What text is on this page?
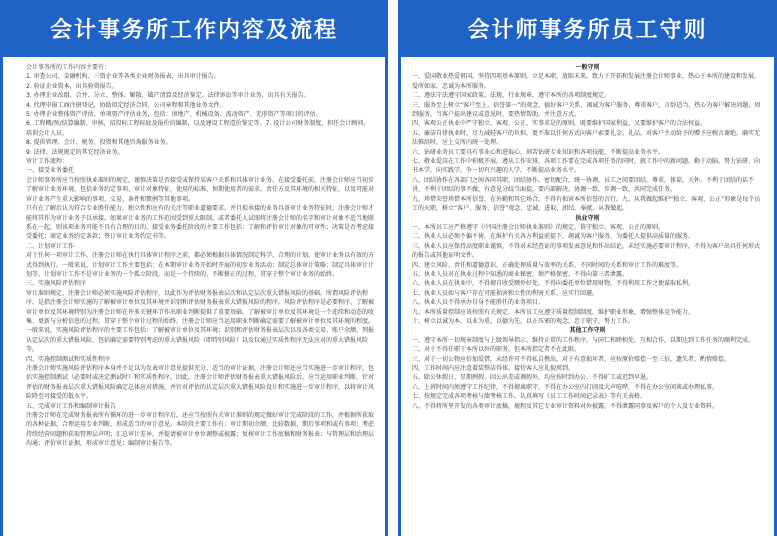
会计事务所工作内容及流程

会计事务所的工作内容主要有：

1. 审查公司、金融机构、三资企业等各类企业财务报表，出具审计报告。

2. 验证企业资本，出具验资报告。

3. 办理企业改组、合并、分立、整体、解散、破产清算及经济鉴定、法律诉讼等审计业务，出具有关报告。

4. 代理申报工商注册登记，协助拟定经济合同、公司章程和其他业务文件。

5. 办理企业整体资产评估、单项资产评估业务，包括：房地产、机械设备、流动资产、无形资产等项目的评估。

6. 工程概/预/结算编制、审核，招投标工程标底及报价的编制，以及建设工程造价鉴定等。7. 设计公司财务制度，担任会计顾问，培训会计人员。

8. 提供管理、会计、税务、投资和其他咨询服务业务。

9. 法律、法规规定的其它经济业务。

审计工作流程：

一、接受业务委托

会计师事务所应当按照执业准则的规定，谨慎决策是否接受或保持某客户关系和具体审计业务。在接受委托前，注册会计师应当初步了解审计业务环境，包括业务约定事项、审计对象特征、使用的标准、预期使用者的需求，责任方及其环境的相关特征，以及可能对审计业务产生重大影响的事项、交易、条件和惯例等其他事项。

只有在了解后认为符合专业胜任能力、独立性和应有的关注等职业道德要求，并且拟承接的业务具备审计业务特征时，注册会计师才能将其作为审计业务予以承接。如果审计业务的工作范围受到重大限制，或者委托人试图将注册会计师的名字和审计对象不适当地联系在一起，则该项业务可能不具有合理的目的。接受业务委托阶段的主要工作包括：了解和评价审计对象的可审性；决策是否考虑接受委托；商定业务约定条款；签订审计业务约定书等。

二、计划审计工作

对于任何一项审计工作，注册会计师在执行具体审计程序之前，都必须根据具体情况制定科学、合理的计划，使审计业务以有效的方式得到执行。一般来说，计划审计工作主要包括：在本期审计业务开始时开展的初步业务活动；制定总体审计策略；制定具体审计计划等。计划审计工作不是审计业务的一个孤立阶段，而是一个持续的、不断修正的过程，贯穿于整个审计业务的始终。

三、实施风险评估程序

审计准则规定，注册会计师必须实施风险评估程序，以此作为评估财务报表层次和认定层次重大错报风险的基础。所谓风险评估程序，是指注册会计师实施的了解被审计单位及其环境并识别和评估财务报表重大错报风险的程序。风险评估程序是必要程序，了解被审计单位及其环境特别为注册会计师在许多关键环节作出职业判断提供了重要基础。了解被审计单位及其环境是一个连续和动态的收集、更新与分析信息的过程，贯穿于整个审计过程的始终。注册会计师应当运用职业判断确定需要了解被审计单位及其环境的程度。一般来说，实施风险评估程序的主要工作包括：了解被审计单位及其环境；识别和评估财务报表层次以及各类交易、账户余额、列报认定层次的重大错报风险，包括确定需要特别考虑的重大错报风险（即特别风险）以及仅通过实质性程序无法应对的重大错报风险等。

四、实施控制测试和实质性程序

注册会计师实施风险评估程序本身并不足以为发表审计意见提供充分、适当的审计证据，注册会计师还应当实施进一步审计程序，包括实施控制测试（必要时或决定测试时）和实质性程序。因此，注册会计师评估财务报表重大错报风险后，应当运用职业判断，针对评估的财务报表层次重大错报风险确定总体应对措施，并针对评估的认定层次重大错报风险设计和实施进一步审计程序，以将审计风险降至可接受的低水平。

五、完成审计工作和编制审计报告

注册会计师在完成财务报表所有循环的进一步审计程序后，还应当按照有关审计准则的规定做好审计完成阶段的工作，并根据所获取的各种证据，合理运用专业判断，形成适当的审计意见。本阶段主要工作有：审计期初余额、比较数据、期后事项和或有事项；考虑持续经营问题和获取管理层声明；汇总审计差异，并提请被审计单位调整或披露；复核审计工作底稿和财务报表；与管理层和治理层沟通；评价审计证据，形成审计意见；编制审计报告等。

会计师事务所员工守则

一般守则

一、爱国敬业热爱祖国，坚持四项基本原则，立足本职，放眼未来，致力于开拓和发展注册会计师事业，热心于本所的建设和发展，爱所如家，忠诚为本所服务。

二、遵法守法遵守国家政策、法规、行业规章，遵守本所的各项制度规定。

三、服务至上树立“客户至上，信誉第一”的观念，搞好客户关系，竭诚为客户服务，尊重客户，言辞适当，热心为客户解决问题，周到服务，当客户提出建议或意见时，要热情帮助，并注意方式。

四、客观公正执业中严守独立、客观、公正、实事求是的原则，既要维护国家利益，又要维护客户的合法权益。

五、廉洁自律执业时，尽力减轻客户的负担，更不准以任何方式向客户索要礼金、礼品，对客户主动给予的赠予应婉言谢绝，确实无法推辞时，应上交所内统一处理。

六、钻研业务员工要具有事业心和进取心，刻苦钻研专业知识和各项技能，不断提高业务水平。

七、敬业爱岗在工作中积极开展，遵从工作安排，各项工作要在完成各项任务的同时，就工作中的新问题、勤于动脑，努力钻研，向书本学，向实践学，争一切有兴趣的人学，不断提高业务水平。

八、团结协作在各部门之间各同其职，团结协作，密切配合，统一协调，员工之间要团结，尊重，体谅，关怀，不利于团结的话不讲，不利于团结的事不做，有意见分歧当面提，要内部解决，协调一致，步调一致，共同完成任务。

九、珍惜荣誉珍惜本所信誉，在外勤和其它场合，不得有损害本所信誉的言行。九、从我做起维护“独立、客观、公正”形象是每个员工的天职，树立“客户、服务、信誉”观念，忠诚、进取、团结、奉献，从我做起。

执业守则

一、本所员工应严格遵守《中国注册会计师执业准则》的规定，恪守独立、客观、公正的原则。

二、执业人员必须不偏不倚，在维护有关各方利益前提下，竭诚为客户服务，为委托人提供高质量的服务。

三、执业人员应保持高度职业谨慎，不得对未经查证的事项发表意见和作出结论，未经实施必要审计程序，不得为客户出具任何形式的报告或其他证明文件。

四、建立风险、责任和道德意识，正确处理质量与效率的关系，不同时间的关系和审计工作的难度等。

五、执业人员对在执业过程中知悉的商业秘密，须严格保密，不得向第三者泄露。

六、执业人员在执业中，不得擅自收受额外好处，不得向委托单位借用财物，不得利用工作之便谋取私利。

七、执业人员如与客户存在可能损害独立性的利害关系，应实行回避。

八、执业人员不得承办自身不能胜任的业务项目。

九、本所质量控制应该按照有关规定，本所员工应遵守质量控制制度，维护职业形象，增强整体竞争能力。

十、树立以诚为本，以业为重，以德为先，以正压邪的观念，忠于职守，努力工作。

其他工作守则

一、遵守本所一切规章制度与上级领导指示，维持正常的工作秩序，与同仁和睦相处，互相合作，以期达到工作任务的顺利完成。

二、对于不得任职于本所以外的职务，但本所指定者不在此限。

三、对于一切公物应倍加爱惜，未经许可不得私自携出，对于有意损坏者，应按原价赔偿一至三倍，遗失者，酌情赔偿。

四、工作时间内应注意着装整洁得体，接待客人应礼貌周到。

五、除公休假日、星期例假、因公出差或调假外，均应按时到办公，不得旷工或迟到早退。

六、上班时间内须遵守工作纪律，不得擅离职守，不得在办公室内打闹及大声喧哗，不得在办公室闲谈或办理私事。

七、按规定完成各项考核与绩考核工作，认真填写《员工工作时间记录表》等有关表格。

八、不得将所里开发的各类审计底稿，规程及其它专业审计资料对外披露，不得泄露同事及客户的个人及专业资料。
